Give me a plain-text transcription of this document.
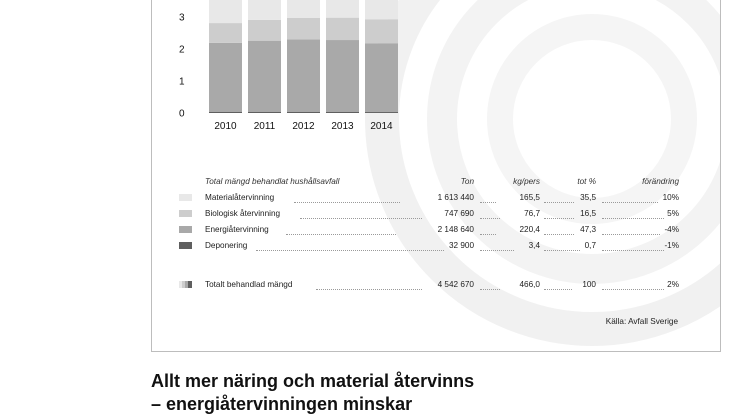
0
1
2
3
2010 2011 2012 2013 2014
Total mängd behandlat hushållsavfall	Ton	kg/pers	tot %	förändring
Materialåtervinning	1 613 440	165,5	35,5	10%
Biologisk återvinning	747 690	76,7	16,5	5%
Energiåtervinning	2 148 640	220,4	47,3	-4%
Deponering	32 900	3,4	0,7	-1%
Totalt behandlad mängd	4 542 670	466,0	100	2%
Källa: Avfall Sverige
Allt mer näring och material återvinns
– energiåtervinningen minskar
